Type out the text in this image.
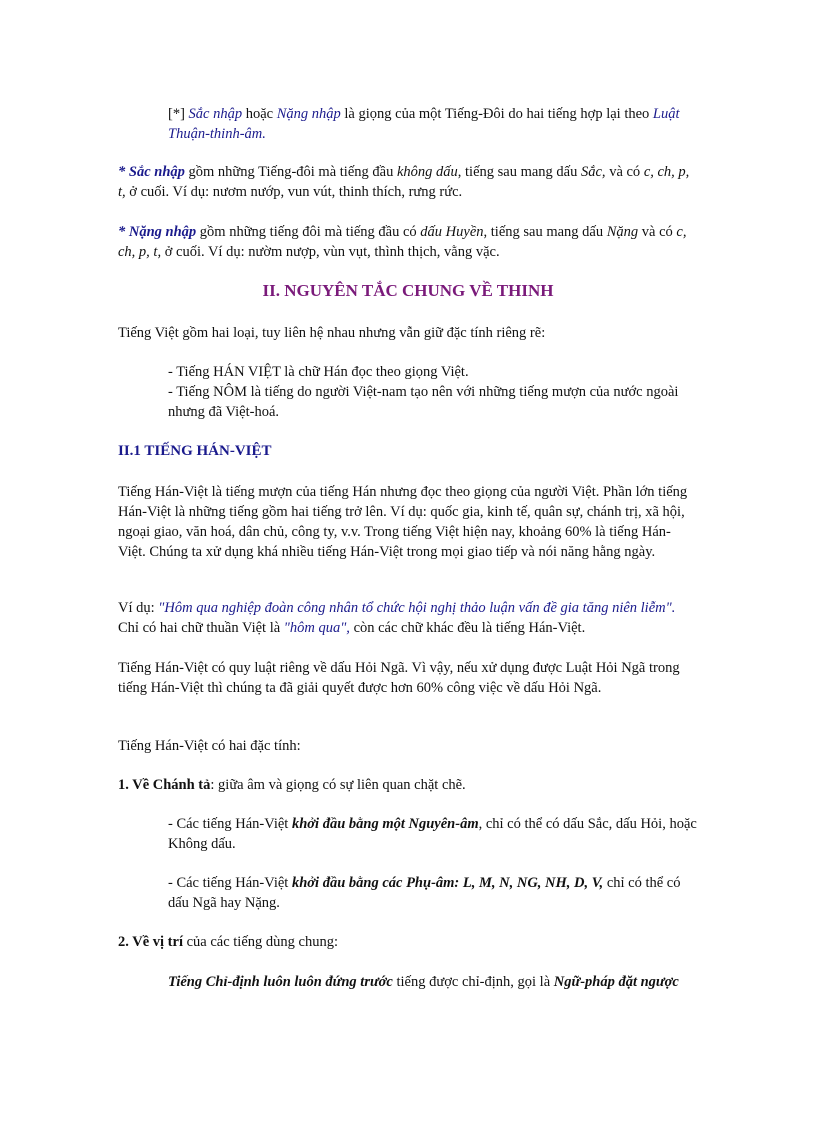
[*] Sắc nhập hoặc Nặng nhập là giọng của một Tiếng-Đôi do hai tiếng hợp lại theo Luật Thuận-thinh-âm.

* Sắc nhập gồm những Tiếng-đôi mà tiếng đầu không dấu, tiếng sau mang dấu Sắc, và có c, ch, p, t, ở cuối. Ví dụ: nươm nướp, vun vút, thinh thích, rưng rức.

* Nặng nhập gồm những tiếng đôi mà tiếng đầu có dấu Huyền, tiếng sau mang dấu Nặng và có c, ch, p, t, ở cuối. Ví dụ: nườm nượp, vùn vụt, thình thịch, vằng vặc.

II. NGUYÊN TẮC CHUNG VỀ THINH

Tiếng Việt gồm hai loại, tuy liên hệ nhau nhưng vẫn giữ đặc tính riêng rẽ:

- Tiếng HÁN VIỆT là chữ Hán đọc theo giọng Việt.

- Tiếng NÔM là tiếng do người Việt-nam tạo nên với những tiếng mượn của nước ngoài nhưng đã Việt-hoá.

II.1 TIẾNG HÁN-VIỆT

Tiếng Hán-Việt là tiếng mượn của tiếng Hán nhưng đọc theo giọng của người Việt. Phần lớn tiếng Hán-Việt là những tiếng gồm hai tiếng trở lên. Ví dụ: quốc gia, kinh tế, quân sự, chánh trị, xã hội, ngoại giao, văn hoá, dân chủ, công ty, v.v. Trong tiếng Việt hiện nay, khoảng 60% là tiếng Hán-Việt. Chúng ta xử dụng khá nhiều tiếng Hán-Việt trong mọi giao tiếp và nói năng hằng ngày.

Ví dụ: "Hôm qua nghiệp đoàn công nhân tổ chức hội nghị thảo luận vấn đề gia tăng niên liễm". Chỉ có hai chữ thuần Việt là "hôm qua", còn các chữ khác đều là tiếng Hán-Việt.

Tiếng Hán-Việt có quy luật riêng về dấu Hỏi Ngã. Vì vậy, nếu xử dụng được Luật Hỏi Ngã trong tiếng Hán-Việt thì chúng ta đã giải quyết được hơn 60% công việc về dấu Hỏi Ngã.

Tiếng Hán-Việt có hai đặc tính:

1. Về Chánh tả: giữa âm và giọng có sự liên quan chặt chẽ.

- Các tiếng Hán-Việt khởi đầu bằng một Nguyên-âm, chỉ có thể có dấu Sắc, dấu Hỏi, hoặc Không dấu.

- Các tiếng Hán-Việt khởi đầu bằng các Phụ-âm: L, M, N, NG, NH, D, V, chỉ có thể có dấu Ngã hay Nặng.

2. Về vị trí của các tiếng dùng chung:

Tiếng Chỉ-định luôn luôn đứng trước tiếng được chỉ-định, gọi là Ngữ-pháp đặt ngược
